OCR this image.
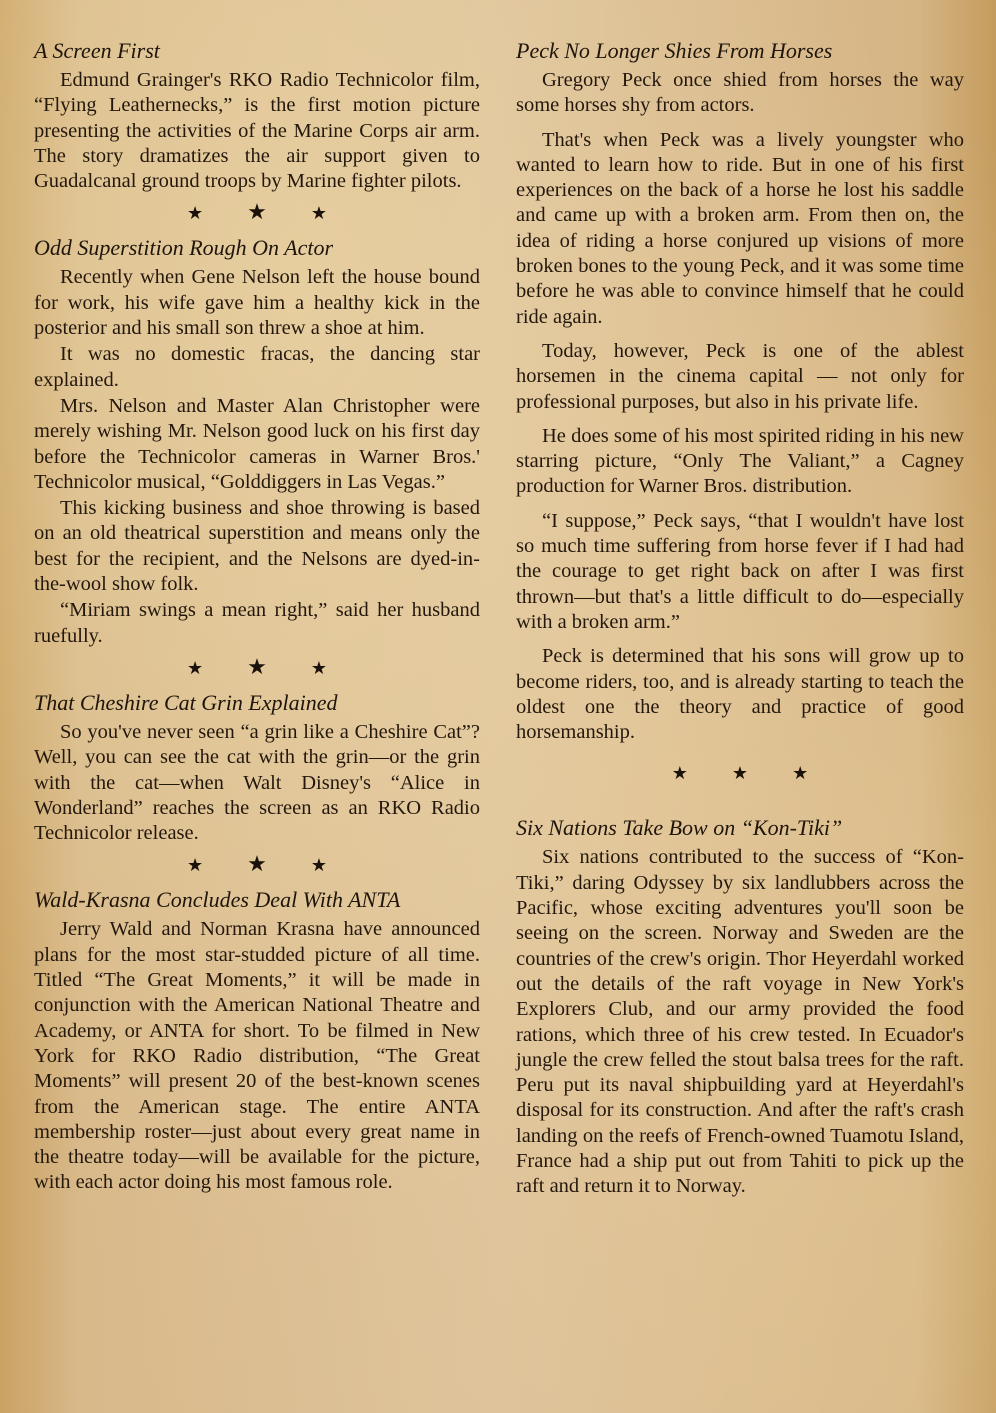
A Screen First

Edmund Grainger's RKO Radio Technicolor film, “Flying Leathernecks,” is the first motion picture presenting the activities of the Marine Corps air arm. The story dramatizes the air support given to Guadalcanal ground troops by Marine fighter pilots.

★ ★ ★
Odd Superstition Rough On Actor

Recently when Gene Nelson left the house bound for work, his wife gave him a healthy kick in the posterior and his small son threw a shoe at him.

It was no domestic fracas, the dancing star explained.

Mrs. Nelson and Master Alan Christopher were merely wishing Mr. Nelson good luck on his first day before the Technicolor cameras in Warner Bros.' Technicolor musical, “Golddiggers in Las Vegas.”

This kicking business and shoe throwing is based on an old theatrical superstition and means only the best for the recipient, and the Nelsons are dyed-in-the-wool show folk.

“Miriam swings a mean right,” said her husband ruefully.

★ ★ ★
That Cheshire Cat Grin Explained

So you've never seen “a grin like a Cheshire Cat”? Well, you can see the cat with the grin—or the grin with the cat—when Walt Disney's “Alice in Wonderland” reaches the screen as an RKO Radio Technicolor release.

★ ★ ★
Wald-Krasna Concludes Deal With ANTA

Jerry Wald and Norman Krasna have announced plans for the most star-studded picture of all time. Titled “The Great Moments,” it will be made in conjunction with the American National Theatre and Academy, or ANTA for short. To be filmed in New York for RKO Radio distribution, “The Great Moments” will present 20 of the best-known scenes from the American stage. The entire ANTA membership roster—just about every great name in the theatre today—will be available for the picture, with each actor doing his most famous role.

Peck No Longer Shies From Horses

Gregory Peck once shied from horses the way some horses shy from actors.

That's when Peck was a lively youngster who wanted to learn how to ride. But in one of his first experiences on the back of a horse he lost his saddle and came up with a broken arm. From then on, the idea of riding a horse conjured up visions of more broken bones to the young Peck, and it was some time before he was able to convince himself that he could ride again.

Today, however, Peck is one of the ablest horsemen in the cinema capital — not only for professional purposes, but also in his private life.

He does some of his most spirited riding in his new starring picture, “Only The Valiant,” a Cagney production for Warner Bros. distribution.

“I suppose,” Peck says, “that I wouldn't have lost so much time suffering from horse fever if I had had the courage to get right back on after I was first thrown—but that's a little difficult to do—especially with a broken arm.”

Peck is determined that his sons will grow up to become riders, too, and is already starting to teach the oldest one the theory and practice of good horsemanship.

★ ★ ★
Six Nations Take Bow on “Kon-Tiki”

Six nations contributed to the success of “Kon-Tiki,” daring Odyssey by six landlubbers across the Pacific, whose exciting adventures you'll soon be seeing on the screen. Norway and Sweden are the countries of the crew's origin. Thor Heyerdahl worked out the details of the raft voyage in New York's Explorers Club, and our army provided the food rations, which three of his crew tested. In Ecuador's jungle the crew felled the stout balsa trees for the raft. Peru put its naval shipbuilding yard at Heyerdahl's disposal for its construction. And after the raft's crash landing on the reefs of French-owned Tuamotu Island, France had a ship put out from Tahiti to pick up the raft and return it to Norway.
